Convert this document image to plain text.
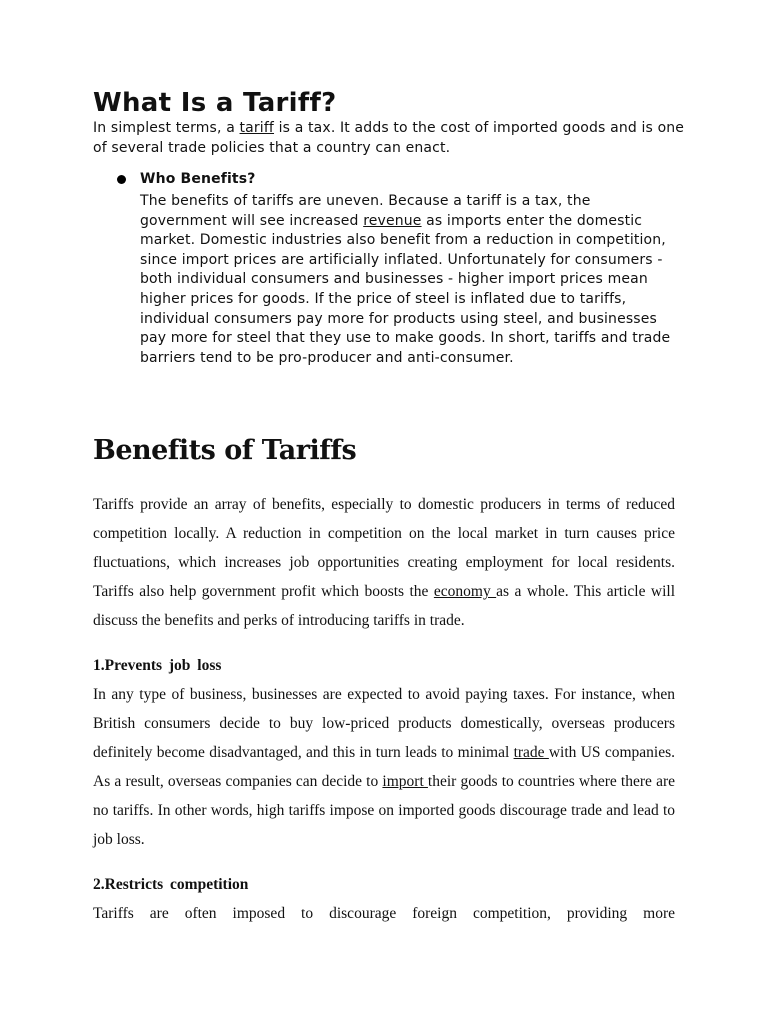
What Is a Tariff?

In simplest terms, a tariff is a tax. It adds to the cost of imported goods and is one of several trade policies that a country can enact.

Who Benefits?

The benefits of tariffs are uneven. Because a tariff is a tax, the government will see increased revenue as imports enter the domestic market. Domestic industries also benefit from a reduction in competition, since import prices are artificially inflated. Unfortunately for consumers - both individual consumers and businesses - higher import prices mean higher prices for goods. If the price of steel is inflated due to tariffs, individual consumers pay more for products using steel, and businesses pay more for steel that they use to make goods. In short, tariffs and trade barriers tend to be pro-producer and anti-consumer.

Benefits of Tariffs

Tariffs provide an array of benefits, especially to domestic producers in terms of reduced competition locally. A reduction in competition on the local market in turn causes price fluctuations, which increases job opportunities creating employment for local residents. Tariffs also help government profit which boosts the economy as a whole. This article will discuss the benefits and perks of introducing tariffs in trade.

1.Prevents job loss

In any type of business, businesses are expected to avoid paying taxes. For instance, when British consumers decide to buy low-priced products domestically, overseas producers definitely become disadvantaged, and this in turn leads to minimal trade with US companies. As a result, overseas companies can decide to import their goods to countries where there are no tariffs. In other words, high tariffs impose on imported goods discourage trade and lead to job loss.

2.Restricts competition

Tariffs are often imposed to discourage foreign competition, providing more
